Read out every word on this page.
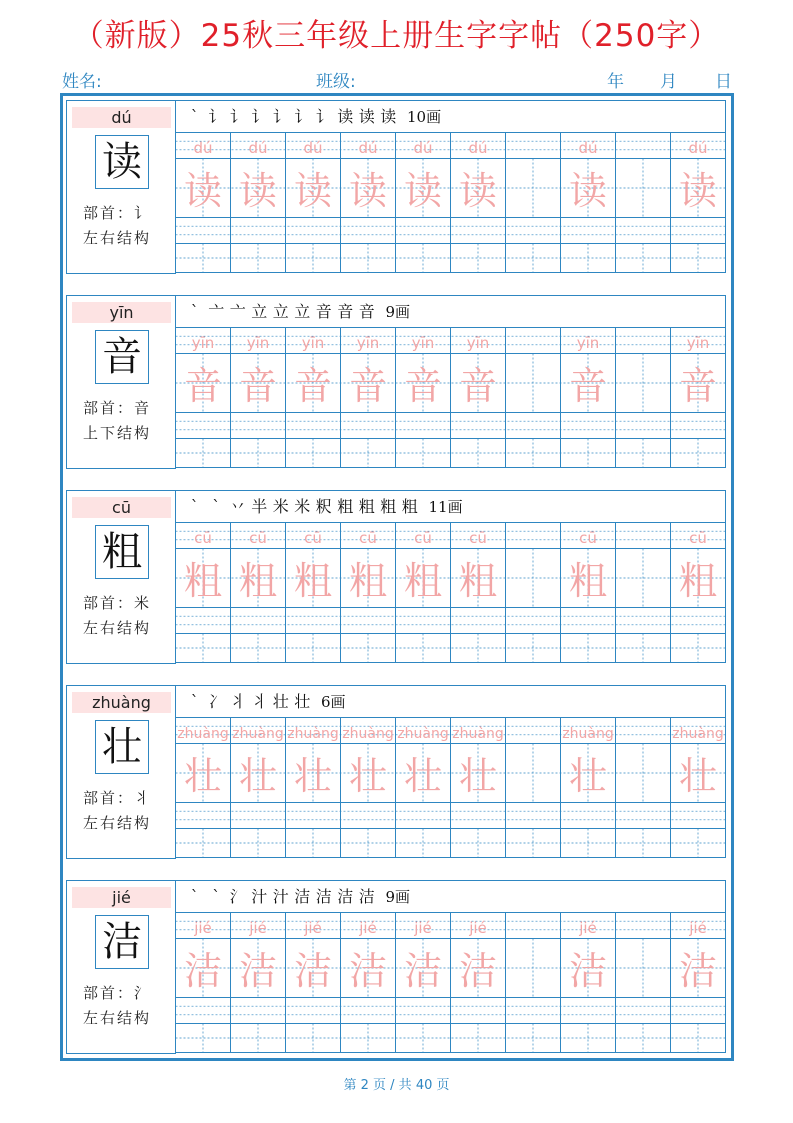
（新版）25秋三年级上册生字字帖（250字）
姓名:	班级:	年 月 日
dú
读
部首：讠
左右结构
` 讠 讠 讠 讠 讠 讠 读 读 读 10画
dú
读
dú
读
dú
读
dú
读
dú
读
dú
读
dú
读
dú
读
yīn
音
部首：音
上下结构
` 亠 亠 立 立 立 音 音 音 9画
yīn
音
yīn
音
yīn
音
yīn
音
yīn
音
yīn
音
yīn
音
yīn
音
cū
粗
部首：米
左右结构
` ` 丷 半 米 米 粎 粗 粗 粗 粗 11画
cū
粗
cū
粗
cū
粗
cū
粗
cū
粗
cū
粗
cū
粗
cū
粗
zhuàng
壮
部首：丬
左右结构
` 冫 丬 丬 壮 壮 6画
zhuàng
壮
zhuàng
壮
zhuàng
壮
zhuàng
壮
zhuàng
壮
zhuàng
壮
zhuàng
壮
zhuàng
壮
jié
洁
部首：氵
左右结构
` ` 氵 汁 汁 洁 洁 洁 洁 9画
jié
洁
jié
洁
jié
洁
jié
洁
jié
洁
jié
洁
jié
洁
jié
洁
第 2 页 / 共 40 页
